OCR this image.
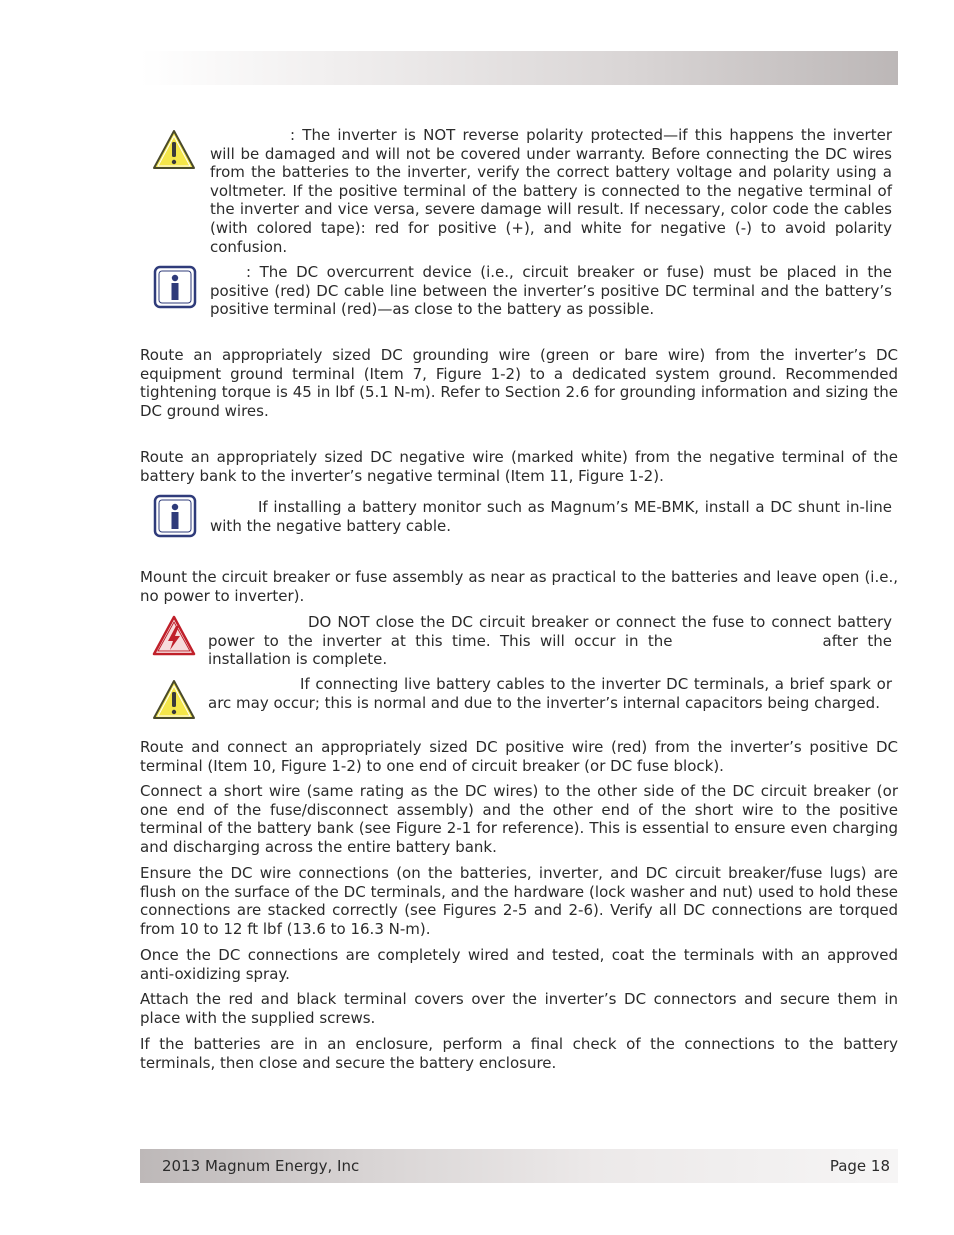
: The inverter is NOT reverse polarity protected—if this happens the inverter will be damaged and will not be covered under warranty. Before connecting the DC wires from the batteries to the inverter, verify the correct battery voltage and polarity using a voltmeter. If the positive terminal of the battery is connected to the negative terminal of the inverter and vice versa, severe damage will result. If necessary, color code the cables (with colored tape): red for positive (+), and white for negative (-) to avoid polarity confusion.

: The DC overcurrent device (i.e., circuit breaker or fuse) must be placed in the positive (red) DC cable line between the inverter’s positive DC terminal and the battery’s positive terminal (red)—as close to the battery as possible.

Route an appropriately sized DC grounding wire (green or bare wire) from the inverter’s DC equipment ground terminal (Item 7, Figure 1-2) to a dedicated system ground. Recommended tightening torque is 45 in lbf (5.1 N-m). Refer to Section 2.6 for grounding information and sizing the DC ground wires.

Route an appropriately sized DC negative wire (marked white) from the negative terminal of the battery bank to the inverter’s negative terminal (Item 11, Figure 1-2).

If installing a battery monitor such as Magnum’s ME-BMK, install a DC shunt in-line with the negative battery cable.

Mount the circuit breaker or fuse assembly as near as practical to the batteries and leave open (i.e., no power to inverter).

DO NOT close the DC circuit breaker or connect the fuse to connect battery power to the inverter at this time. This will occur in the	after the installation is complete.

If connecting live battery cables to the inverter DC terminals, a brief spark or arc may occur; this is normal and due to the inverter’s internal capacitors being charged.

Route and connect an appropriately sized DC positive wire (red) from the inverter’s positive DC terminal (Item 10, Figure 1-2) to one end of circuit breaker (or DC fuse block).

Connect a short wire (same rating as the DC wires) to the other side of the DC circuit breaker (or one end of the fuse/disconnect assembly) and the other end of the short wire to the positive terminal of the battery bank (see Figure 2-1 for reference). This is essential to ensure even charging and discharging across the entire battery bank.

Ensure the DC wire connections (on the batteries, inverter, and DC circuit breaker/fuse lugs) are flush on the surface of the DC terminals, and the hardware (lock washer and nut) used to hold these connections are stacked correctly (see Figures 2-5 and 2-6). Verify all DC connections are torqued from 10 to 12 ft lbf (13.6 to 16.3 N-m).

Once the DC connections are completely wired and tested, coat the terminals with an approved anti-oxidizing spray.

Attach the red and black terminal covers over the inverter’s DC connectors and secure them in place with the supplied screws.

If the batteries are in an enclosure, perform a final check of the connections to the battery terminals, then close and secure the battery enclosure.

2013 Magnum Energy, Inc	Page 18
